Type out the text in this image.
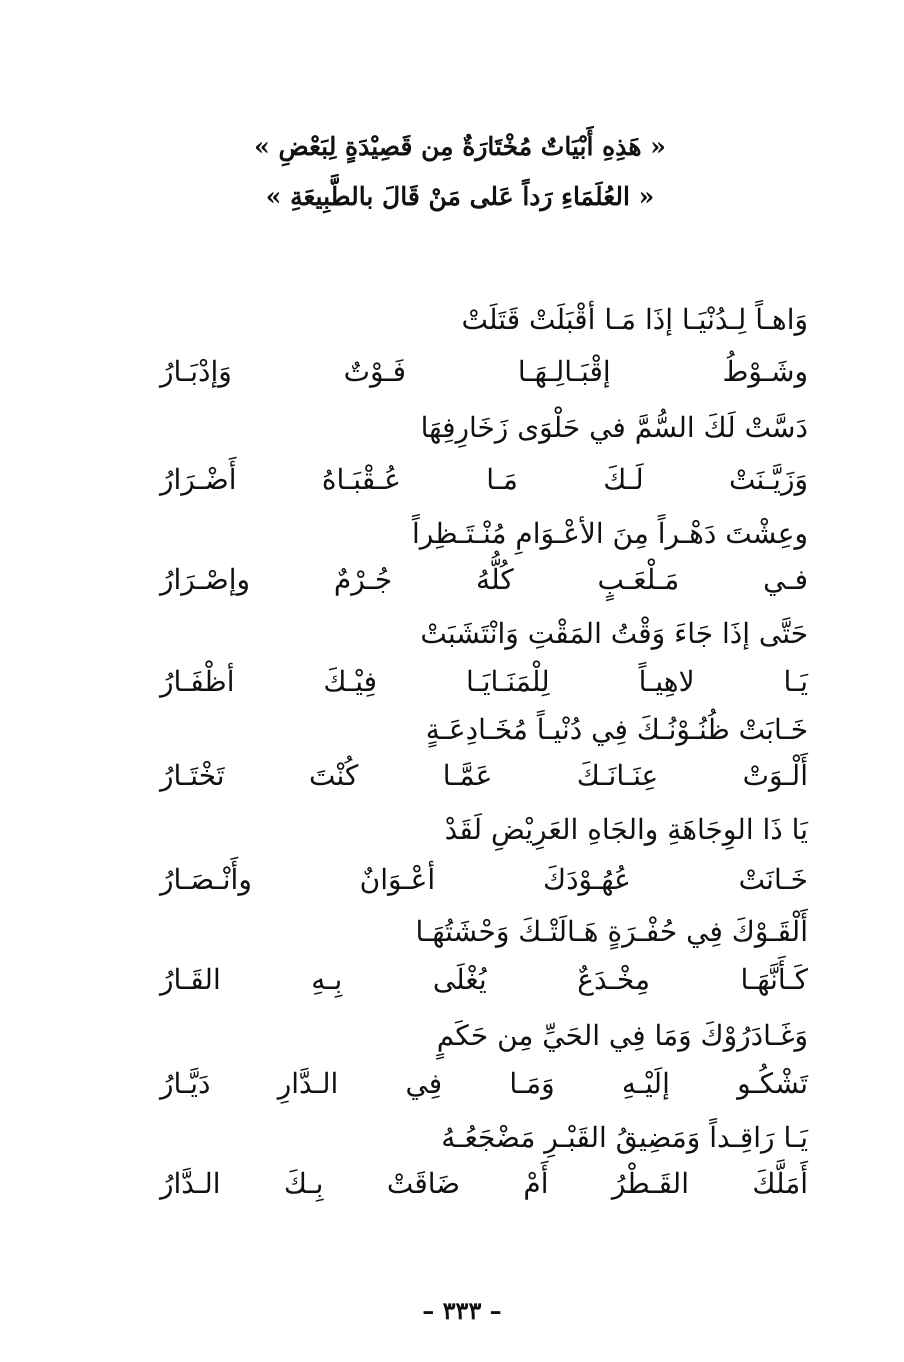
« هَذِهِ أَبْيَاتٌ مُخْتَارَةٌ مِن قَصِيْدَةٍ لِبَعْضِ »
« العُلَمَاءِ رَداً عَلى مَنْ قَالَ بالطَّبِيعَةِ »
وَاهـاً لِـدُنْيَـا إذَا مَـا أقْبَلَتْ قَتَلَتْ
وشَـوْطُ إقْبَـالِـهَـا فَـوْتٌ وَإدْبَـارُ
دَسَّتْ لَكَ السُّمَّ في حَلْوَى زَخَارِفِهَا
وَزَيَّـنَتْ لَـكَ مَـا عُـقْبَـاهُ أَضْـرَارُ
وعِشْتَ دَهْـراً مِنَ الأعْـوَامِ مُنْـتَـظِراً
فـي مَـلْعَـبٍ كُلُّهُ جُـرْمٌ وإصْـرَارُ
حَتَّى إذَا جَاءَ وَقْتُ المَقْتِ وَانْتَشَبَتْ
يَـا لاهِيـاً لِلْمَنَـايَـا فِيْـكَ أظْفَـارُ
خَـابَتْ ظُنُـوْنُـكَ فِي دُنْيـاً مُخَـادِعَـةٍ
أَلْـوَتْ عِنَـانَـكَ عَمَّـا كُنْتَ تَخْتَـارُ
يَا ذَا الوِجَاهَةِ والجَاهِ العَرِيْضِ لَقَدْ
خَـانَتْ عُهُـوْدَكَ أعْـوَانٌ وأَنْـصَـارُ
أَلْقَـوْكَ فِي حُفْـرَةٍ هَـالَتْـكَ وَحْشَتُهَـا
كَـأَنَّهَـا مِخْـدَعٌ يُغْلَى بِـهِ القَـارُ
وَغَـادَرُوْكَ وَمَا فِي الحَيِّ مِن حَكَمٍ
تَشْكُـو إلَيْـهِ وَمَـا فِي الـدَّارِ دَيَّـارُ
يَـا رَاقِـداً وَمَضِيقُ القَبْـرِ مَضْجَعُـهُ
أَمَلَّكَ القَـطْرُ أَمْ ضَاقَتْ بِـكَ الـدَّارُ
– ٣٣٣ –
